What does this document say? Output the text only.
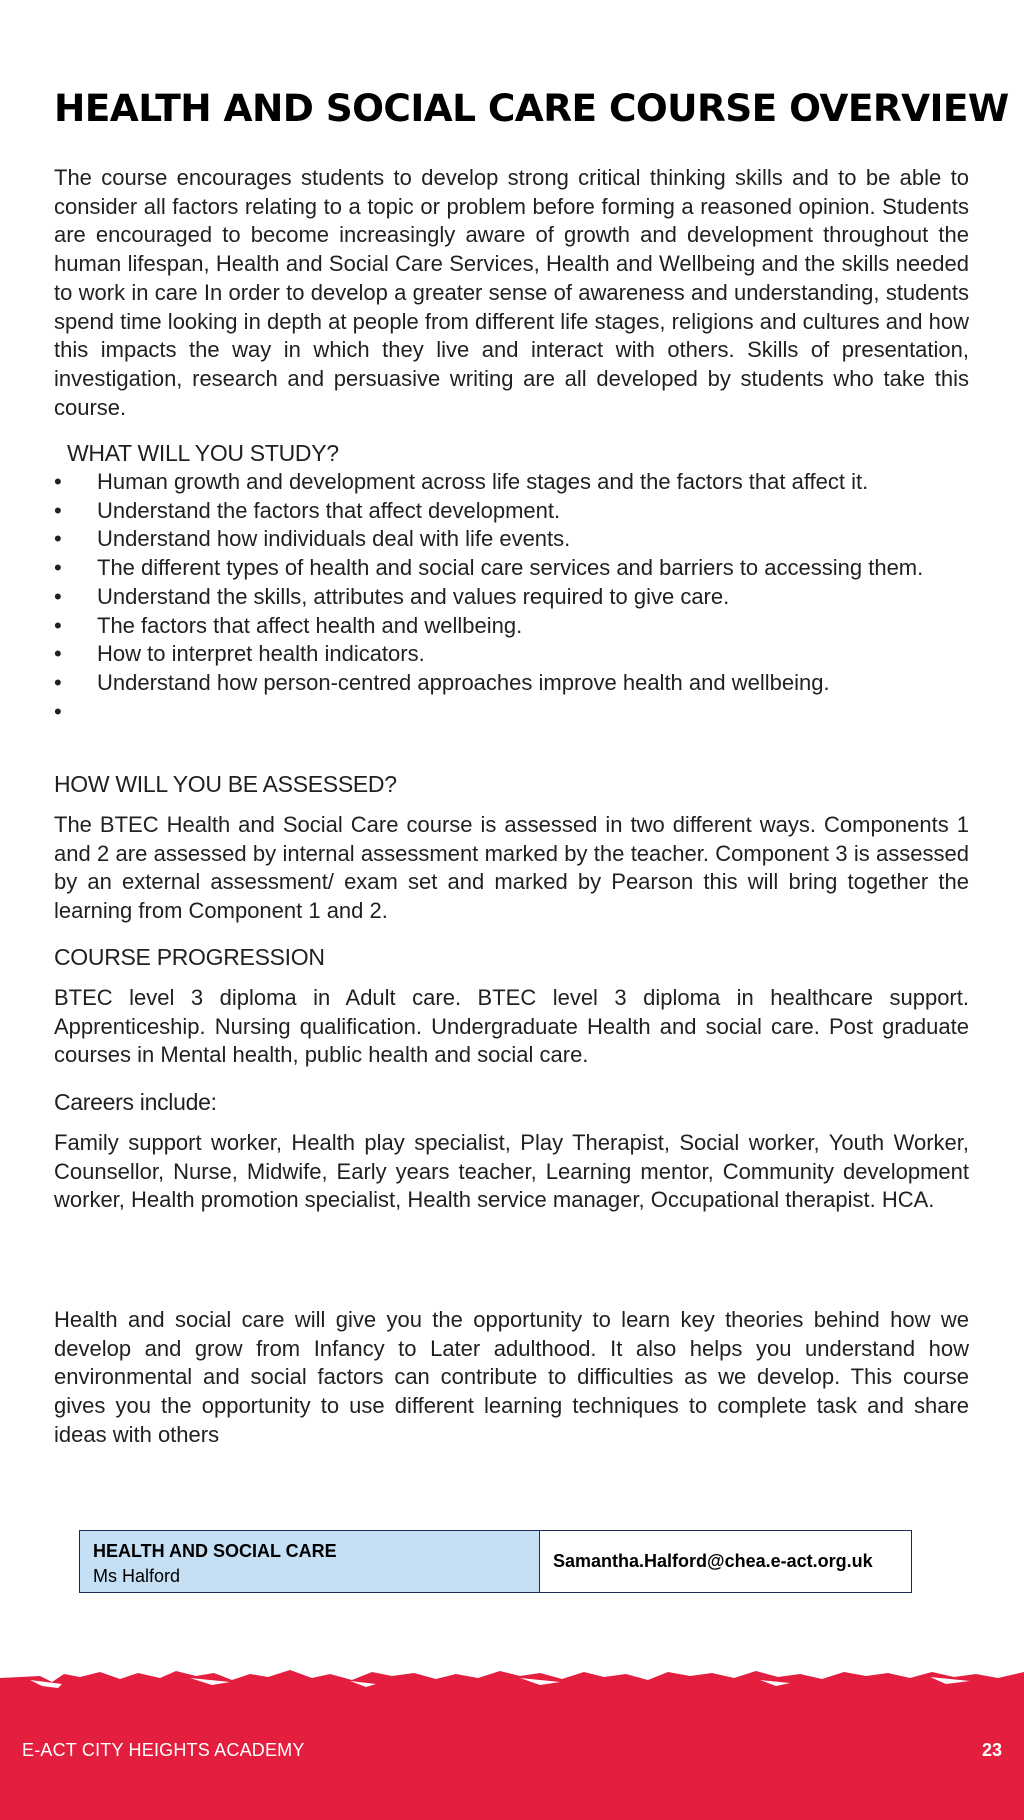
HEALTH AND SOCIAL CARE COURSE OVERVIEW

The course encourages students to develop strong critical thinking skills and to be able to consider all factors relating to a topic or problem before forming a reasoned opinion. Students are encouraged to become increasingly aware of growth and development throughout the human lifespan, Health and Social Care Services, Health and Wellbeing and the skills needed to work in care In order to develop a greater sense of awareness and understanding, students spend time looking in depth at people from different life stages, religions and cultures and how this impacts the way in which they live and interact with others. Skills of presentation, investigation, research and persuasive writing are all developed by students who take this course.

WHAT WILL YOU STUDY?
• Human growth and development across life stages and the factors that affect it.
• Understand the factors that affect development.
• Understand how individuals deal with life events.
• The different types of health and social care services and barriers to accessing them.
• Understand the skills, attributes and values required to give care.
• The factors that affect health and wellbeing.
• How to interpret health indicators.
• Understand how person-centred approaches improve health and wellbeing.
•
HOW WILL YOU BE ASSESSED?

The BTEC Health and Social Care course is assessed in two different ways. Components 1 and 2 are assessed by internal assessment marked by the teacher. Component 3 is assessed by an external assessment/ exam set and marked by Pearson this will bring together the learning from Component 1 and 2.

COURSE PROGRESSION

BTEC level 3 diploma in Adult care. BTEC level 3 diploma in healthcare support. Apprenticeship. Nursing qualification. Undergraduate Health and social care. Post graduate courses in Mental health, public health and social care.

Careers include:

Family support worker, Health play specialist, Play Therapist, Social worker, Youth Worker, Counsellor, Nurse, Midwife, Early years teacher, Learning mentor, Community development worker, Health promotion specialist, Health service manager, Occupational therapist. HCA.

Health and social care will give you the opportunity to learn key theories behind how we develop and grow from Infancy to Later adulthood. It also helps you understand how environmental and social factors can contribute to difficulties as we develop. This course gives you the opportunity to use different learning techniques to complete task and share ideas with others

HEALTH AND SOCIAL CARE
Ms Halford
Samantha.Halford@chea.e-act.org.uk
E-ACT CITY HEIGHTS ACADEMY	23
